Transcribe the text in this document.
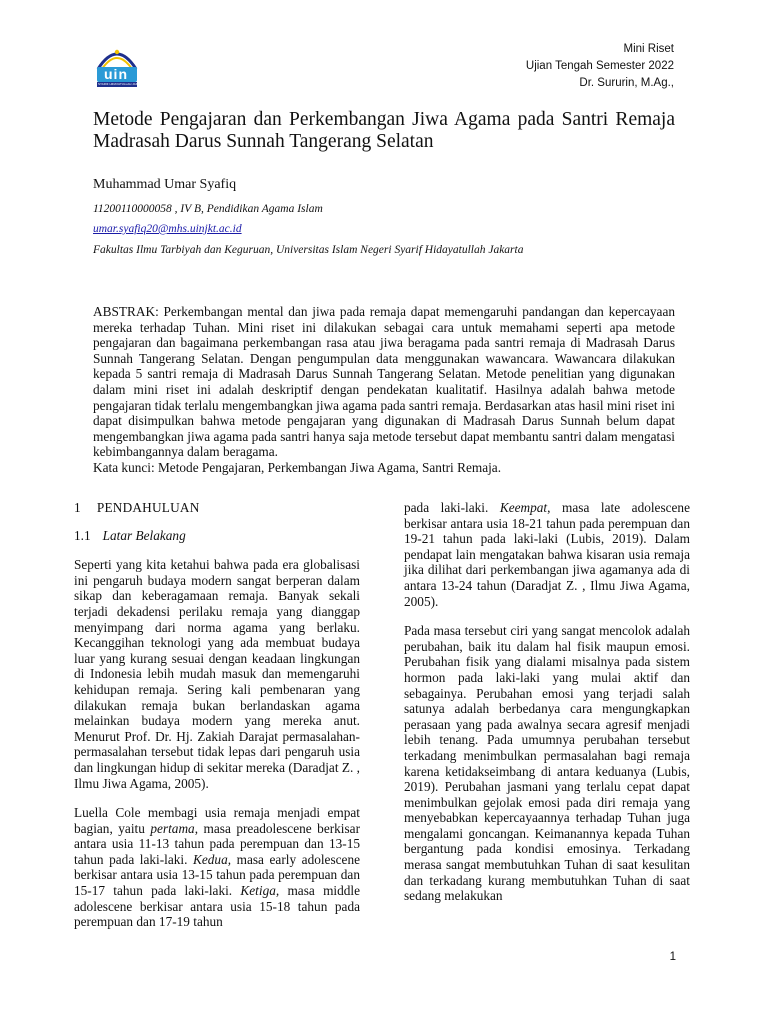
uin
SYARIF HIDAYATULLAH JAKARTA
Mini Riset
Ujian Tengah Semester 2022
Dr. Sururin, M.Ag.,
Metode Pengajaran dan Perkembangan Jiwa Agama pada Santri Remaja Madrasah Darus Sunnah Tangerang Selatan
Muhammad Umar Syafiq
11200110000058 , IV B, Pendidikan Agama Islam
umar.syafiq20@mhs.uinjkt.ac.id
Fakultas Ilmu Tarbiyah dan Keguruan, Universitas Islam Negeri Syarif Hidayatullah Jakarta

ABSTRAK: Perkembangan mental dan jiwa pada remaja dapat memengaruhi pandangan dan kepercayaan mereka terhadap Tuhan. Mini riset ini dilakukan sebagai cara untuk memahami seperti apa metode pengajaran dan bagaimana perkembangan rasa atau jiwa beragama pada santri remaja di Madrasah Darus Sunnah Tangerang Selatan. Dengan pengumpulan data menggunakan wawancara. Wawancara dilakukan kepada 5 santri remaja di Madrasah Darus Sunnah Tangerang Selatan. Metode penelitian yang digunakan dalam mini riset ini adalah deskriptif dengan pendekatan kualitatif. Hasilnya adalah bahwa metode pengajaran tidak terlalu mengembangkan jiwa agama pada santri remaja. Berdasarkan atas hasil mini riset ini dapat disimpulkan bahwa metode pengajaran yang digunakan di Madrasah Darus Sunnah belum dapat mengembangkan jiwa agama pada santri hanya saja metode tersebut dapat membantu santri dalam mengatasi kebimbangannya dalam beragama.

Kata kunci: Metode Pengajaran, Perkembangan Jiwa Agama, Santri Remaja.

1 PENDAHULUAN
1.1 Latar Belakang

Seperti yang kita ketahui bahwa pada era globalisasi ini pengaruh budaya modern sangat berperan dalam sikap dan keberagamaan remaja. Banyak sekali terjadi dekadensi perilaku remaja yang dianggap menyimpang dari norma agama yang berlaku. Kecanggihan teknologi yang ada membuat budaya luar yang kurang sesuai dengan keadaan lingkungan di Indonesia lebih mudah masuk dan memengaruhi kehidupan remaja. Sering kali pembenaran yang dilakukan remaja bukan berlandaskan agama melainkan budaya modern yang mereka anut. Menurut Prof. Dr. Hj. Zakiah Darajat permasalahan-permasalahan tersebut tidak lepas dari pengaruh usia dan lingkungan hidup di sekitar mereka (Daradjat Z. , Ilmu Jiwa Agama, 2005).

Luella Cole membagi usia remaja menjadi empat bagian, yaitu pertama, masa preadolescene berkisar antara usia 11-13 tahun pada perempuan dan 13-15 tahun pada laki-laki. Kedua, masa early adolescene berkisar antara usia 13-15 tahun pada perempuan dan 15-17 tahun pada laki-laki. Ketiga, masa middle adolescene berkisar antara usia 15-18 tahun pada perempuan dan 17-19 tahun

pada laki-laki. Keempat, masa late adolescene berkisar antara usia 18-21 tahun pada perempuan dan 19-21 tahun pada laki-laki (Lubis, 2019). Dalam pendapat lain mengatakan bahwa kisaran usia remaja jika dilihat dari perkembangan jiwa agamanya ada di antara 13-24 tahun (Daradjat Z. , Ilmu Jiwa Agama, 2005).

Pada masa tersebut ciri yang sangat mencolok adalah perubahan, baik itu dalam hal fisik maupun emosi. Perubahan fisik yang dialami misalnya pada sistem hormon pada laki-laki yang mulai aktif dan sebagainya. Perubahan emosi yang terjadi salah satunya adalah berbedanya cara mengungkapkan perasaan yang pada awalnya secara agresif menjadi lebih tenang. Pada umumnya perubahan tersebut terkadang menimbulkan permasalahan bagi remaja karena ketidakseimbang di antara keduanya (Lubis, 2019). Perubahan jasmani yang terlalu cepat dapat menimbulkan gejolak emosi pada diri remaja yang menyebabkan kepercayaannya terhadap Tuhan juga mengalami goncangan. Keimanannya kepada Tuhan bergantung pada kondisi emosinya. Terkadang merasa sangat membutuhkan Tuhan di saat kesulitan dan terkadang kurang membutuhkan Tuhan di saat sedang melakukan

1
